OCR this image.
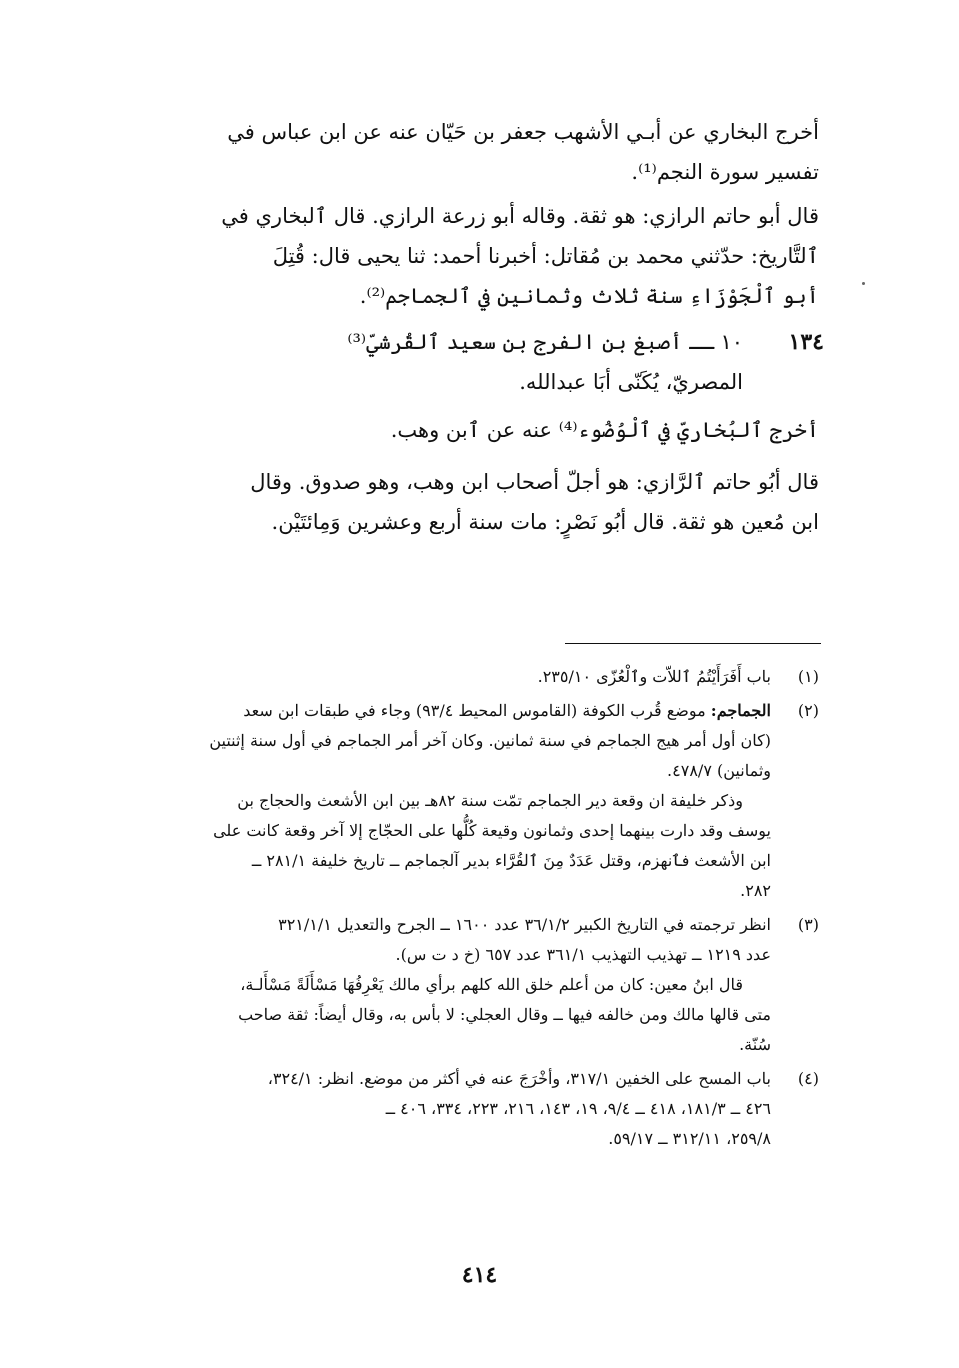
أخرج البخاري عن أبـي الأشهب جعفر بن حَيّان عنه عن ابن عباس في
تفسير سورة النجم⁽¹⁾.

قال أبو حاتم الرازي: هو ثقة. وقاله أبو زرعة الرازي. قال ٱلبخاري في
ٱلتَّاريخ: حدّثني محمد بن مُقاتل: أخبرنا أحمد: ثنا يحيى قال: قُتِلَ
أبو ٱلْجَوْزَاءِ سنة ثلاث وثمانين في ٱلجماجم⁽²⁾.

١٣٤
١٠ ــ أصبغ بن الفرج بن سعيد ٱلقُرشيّ⁽³⁾
المصريّ، يُكَنّى أبَا عبدالله.

أخرج ٱلبُخاريّ في ٱلْوُضُوء⁽⁴⁾ عنه عن ٱبن وهب.

قال أبُو حاتم ٱلرَّازي: هو أجلّ أصحاب ابن وهب، وهو صدوق. وقال
ابن مُعين هو ثقة. قال أبُو نَصْرٍ: مات سنة أربع وعشرين وَمِائتَيْن.

(١)
باب أَفَرَأَيْتُمُ ٱللاّت وٱلْعُزّى ٢٣٥/١٠.
(٢)
الجماجم: موضع قُرب الكوفة (القاموس المحيط ٩٣/٤) وجاء في طبقات ابن سعد
(كان أول أمر هيج الجماجم في سنة ثمانين. وكان آخر أمر الجماجم في أول سنة إثنتين
وثمانين) ٤٧٨/٧.
وذكر خليفة ان وقعة دير الجماجم تمّت سنة ٨٢هـ بين ابن الأشعث والحجاج بن
يوسف وقد دارت بينهما إحدى وثمانون وقيعة كُلُّها على الحجّاج إلا آخر وقعة كانت على
ابن الأشعث فٱنهزم، وقتل عَدَدٌ مِنَ ٱلقُرَّاء بدير آلجماجم ــ تاريخ خليفة ٢٨١/١ ــ
٢٨٢.
(٣)
انظر ترجمته في التاريخ الكبير ٣٦/١/٢ عدد ١٦٠٠ ــ الجرح والتعديل ٣٢١/١/١
عدد ١٢١٩ ــ تهذيب التهذيب ٣٦١/١ عدد ٦٥٧ (خ د ت س).
قال ابنُ معين: كان من أعلم خلق الله كلهم برأي مالك يَعْرِفُهَا مَسْأَلَةً مَسْأَلـة،
متى قالها مالك ومن خالفه فيها ــ وقال العجلي: لا بأس به، وقال أيضاً: ثقة صاحب
سُنّة.
(٤)
باب المسح على الخفين ٣١٧/١، وأخْرَجَ عنه في أكثر من موضع. انظر: ٣٢٤/١،
٤٢٦ ــ ١٨١/٣، ٤١٨ ــ ٩/٤، ١٩، ١٤٣، ٢١٦، ٢٢٣، ٣٣٤، ٤٠٦ ــ
٢٥٩/٨، ٣١٢/١١ ــ ٥٩/١٧.
٤١٤
